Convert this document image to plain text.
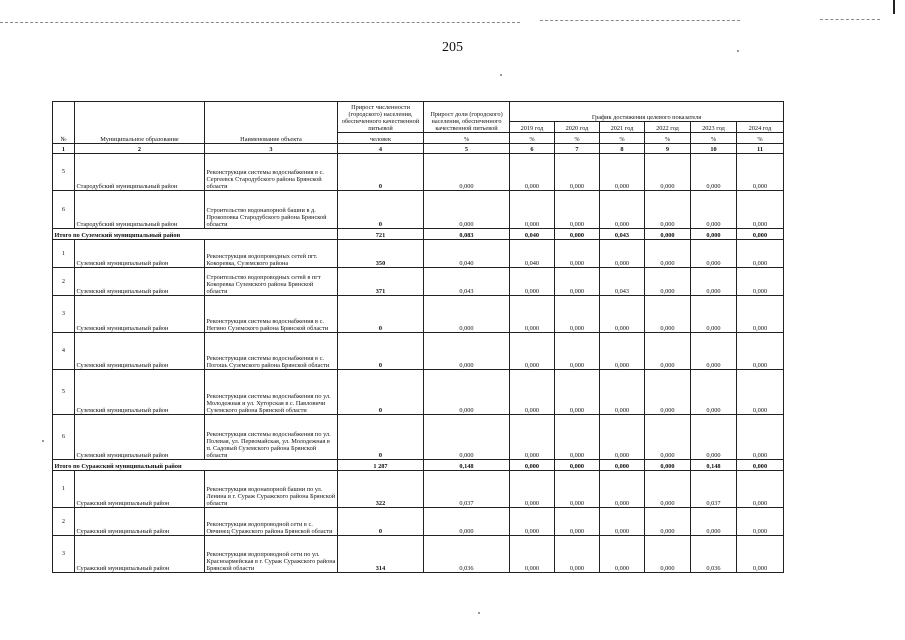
205
№	Муниципальное образование	Наименование объекта	Прирост численности (городского) населения, обеспеченного качественной питьевой	Прирост доли (городского) населения, обеспеченного качественной питьевой	График достижения целевого показателя					
					2019 год	2020 год	2021 год	2022 год	2023 год	2024 год
			человек	%	%	%	%	%	%	%
1	2	3	4	5	6	7	8	9	10	11
5	Стародубский муниципальный район	Реконструкция системы водоснабжения в с. Сергеевск Стародубского района Брянской области	0	0,000	0,000	0,000	0,000	0,000	0,000	0,000
6	Стародубский муниципальный район	Строительство водонапорной башни в д. Прокоповка Стародубского района Брянской области	0	0,000	0,000	0,000	0,000	0,000	0,000	0,000
Итого по Суземский муниципальный район			721	0,083	0,040	0,000	0,043	0,000	0,000	0,000
1	Суземский муниципальный район	Реконструкция водопроводных сетей пгт. Кокоревка, Суземского района	350	0,040	0,040	0,000	0,000	0,000	0,000	0,000
2	Суземский муниципальный район	Строительство водопроводных сетей в пгт Кокоревка Суземского района Брянской области	371	0,043	0,000	0,000	0,043	0,000	0,000	0,000
3	Суземский муниципальный район	Реконструкция системы водоснабжения в с. Негино Суземского района Брянской области	0	0,000	0,000	0,000	0,000	0,000	0,000	0,000
4	Суземский муниципальный район	Реконструкция системы водоснабжения в с. Погошь Суземского района Брянской области	0	0,000	0,000	0,000	0,000	0,000	0,000	0,000
5	Суземский муниципальный район	Реконструкция системы водоснабжения по ул. Молодежная и ул. Хуторская в с. Павловичи Суземского района Брянской области	0	0,000	0,000	0,000	0,000	0,000	0,000	0,000
6	Суземский муниципальный район	Реконструкция системы водоснабжения по ул. Полевая, ул. Первомайская, ул. Молодежная в п. Садовый Суземского района Брянской области	0	0,000	0,000	0,000	0,000	0,000	0,000	0,000
Итого по Суражский муниципальный район			1 287	0,148	0,000	0,000	0,000	0,000	0,148	0,000
1	Суражский муниципальный район	Реконструкция водонапорной башни по ул. Ленина в г. Сураж Суражского района Брянской области	322	0,037	0,000	0,000	0,000	0,000	0,037	0,000
2	Суражский муниципальный район	Реконструкция водопроводной сети в с. Овчинец Суражского района Брянской области	0	0,000	0,000	0,000	0,000	0,000	0,000	0,000
3	Суражский муниципальный район	Реконструкция водопроводной сети по ул. Красноармейская в г. Сураж Суражского района Брянской области	314	0,036	0,000	0,000	0,000	0,000	0,036	0,000
